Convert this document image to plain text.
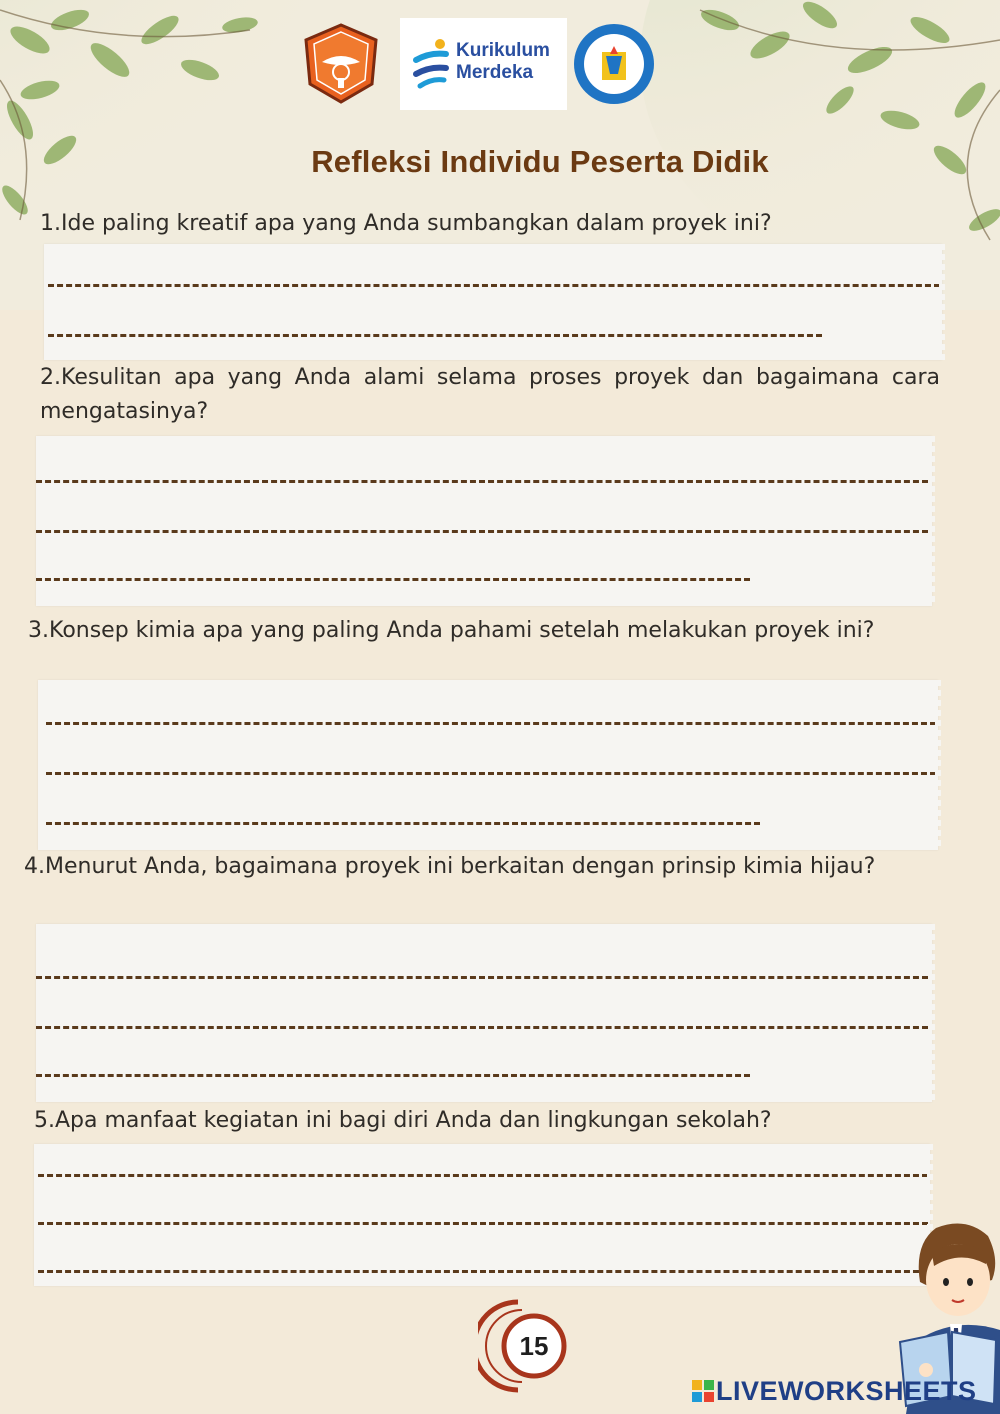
Kurikulum
Merdeka
Refleksi Individu Peserta Didik
1.Ide paling kreatif apa yang Anda sumbangkan dalam proyek ini?
2.Kesulitan apa yang Anda alami selama proses proyek dan bagaimana cara mengatasinya?
3.Konsep kimia apa yang paling Anda pahami setelah melakukan proyek ini?
4.Menurut Anda, bagaimana proyek ini berkaitan dengan prinsip kimia hijau?
5.Apa manfaat kegiatan ini bagi diri Anda dan lingkungan sekolah?
15
LIVEWORKSHEETS
